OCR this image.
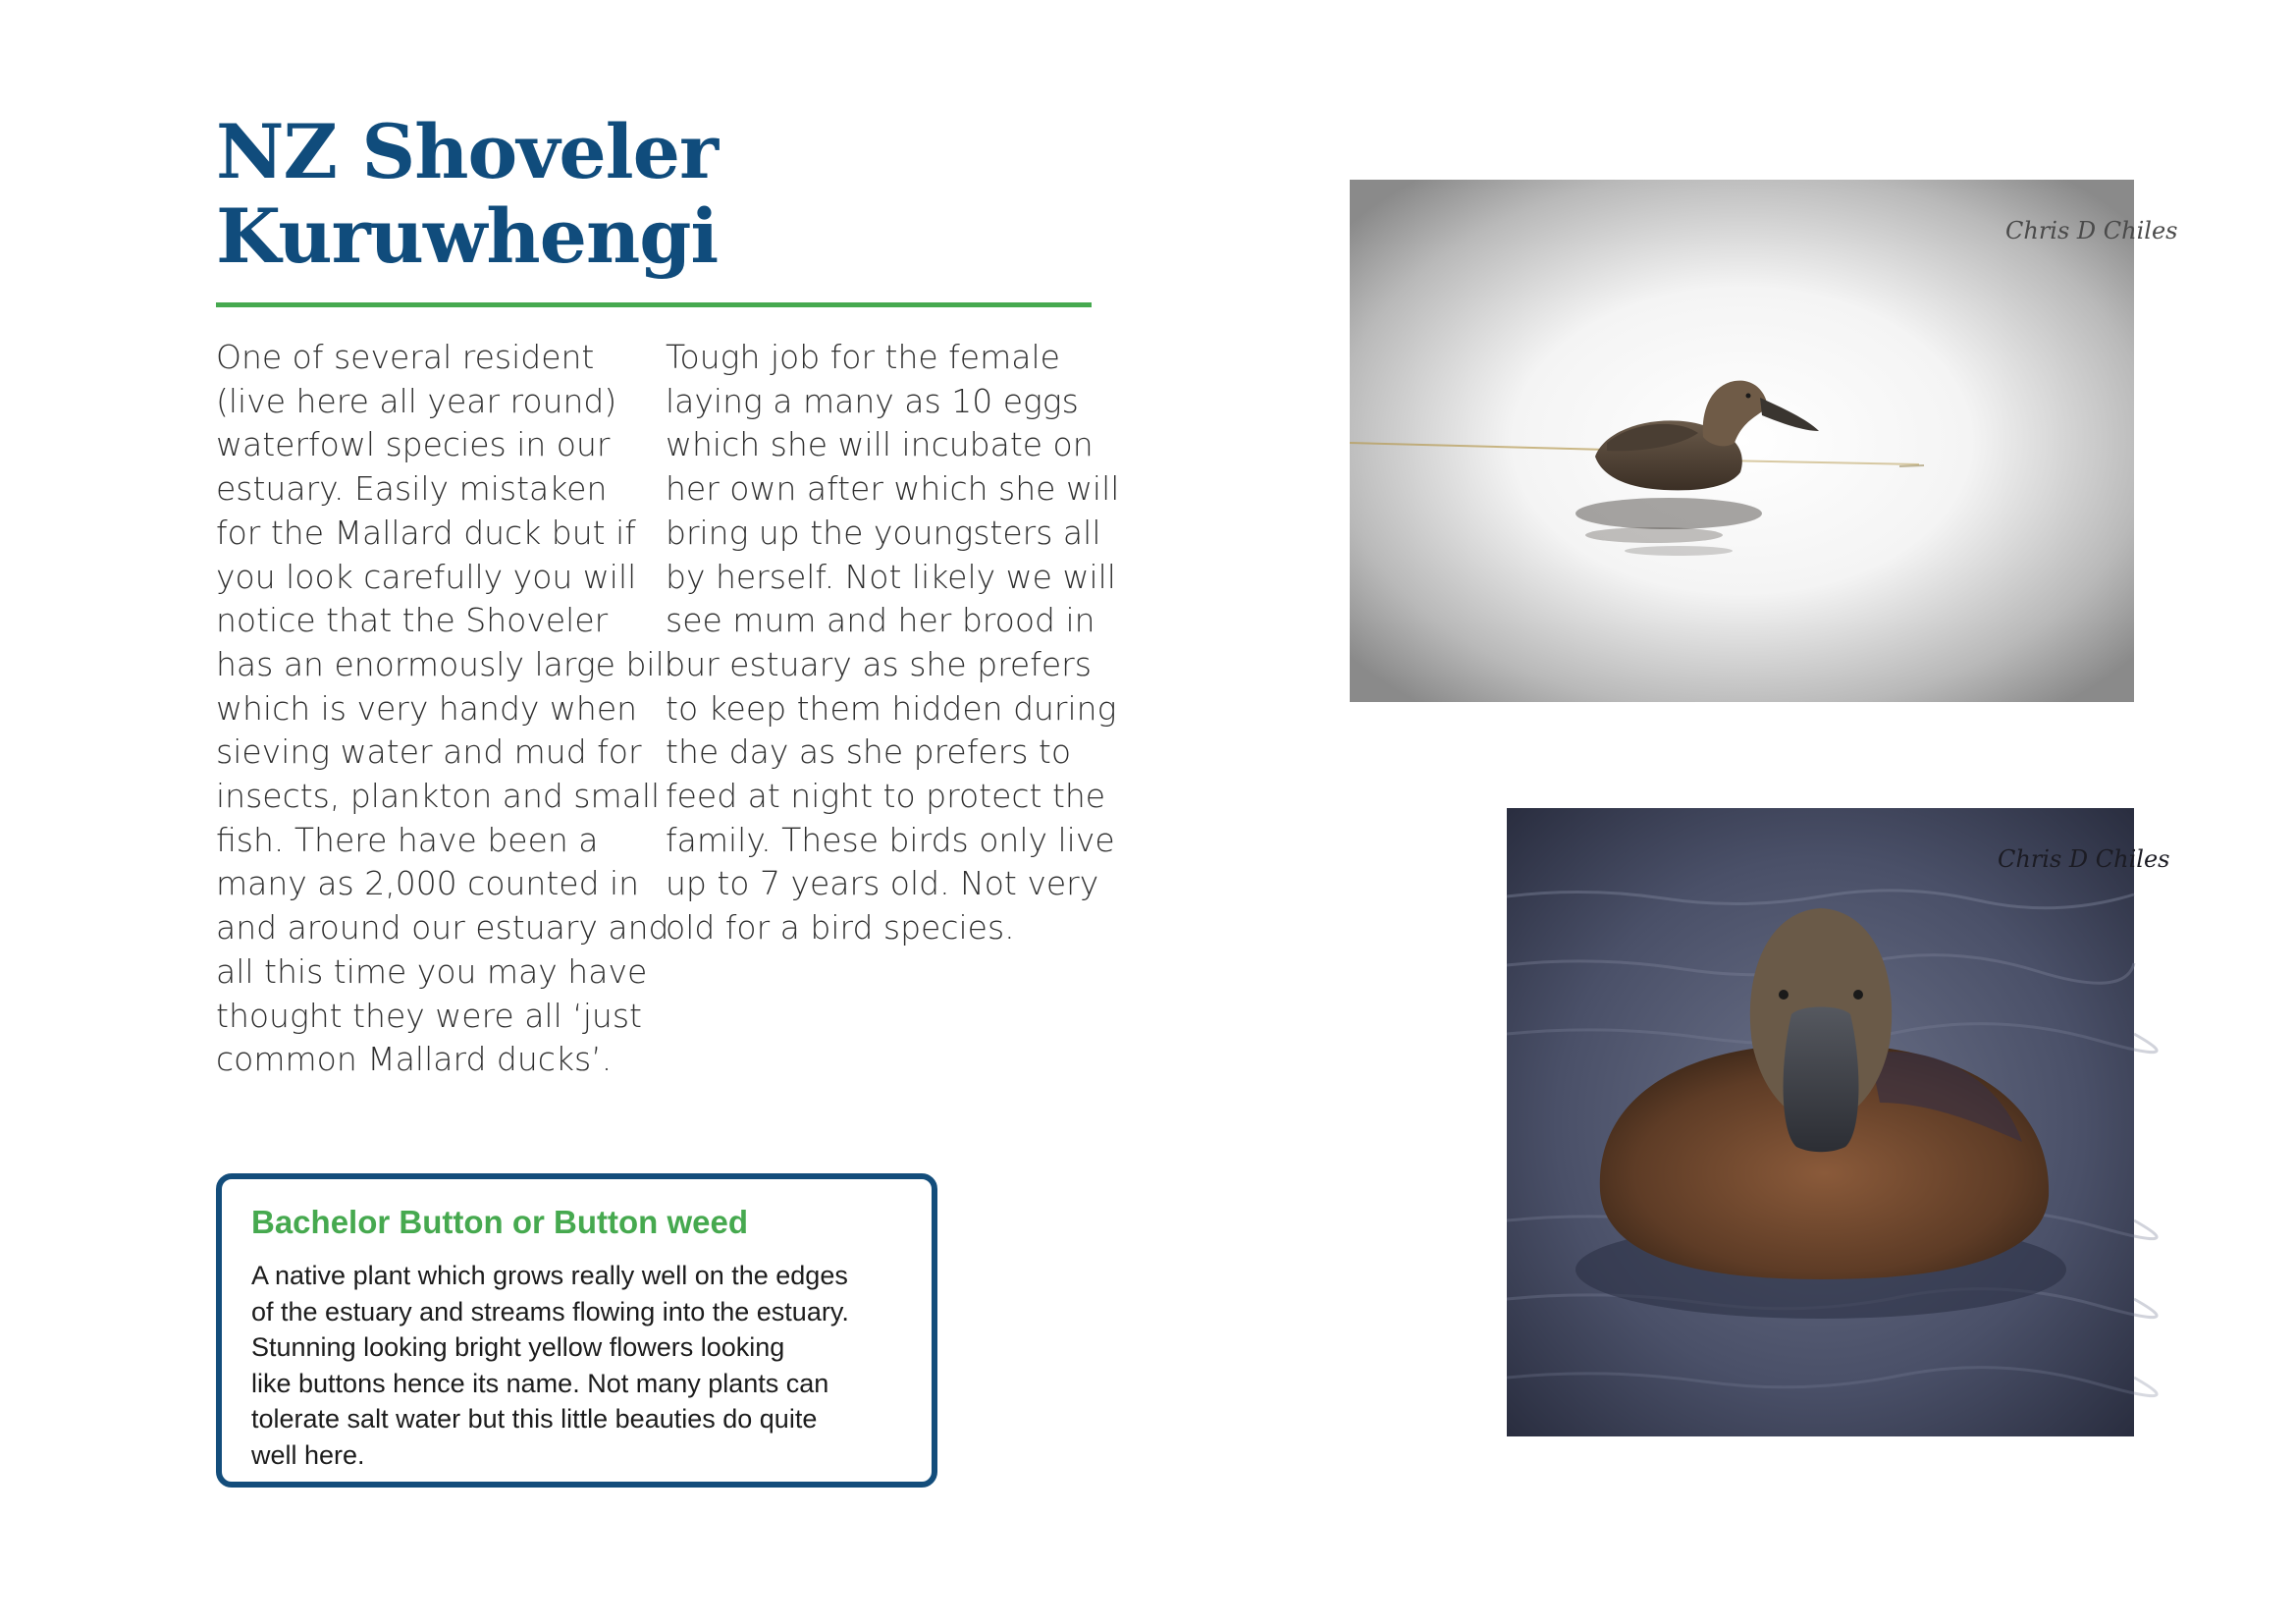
NZ Shoveler
Kuruwhengi

One of several resident
(live here all year round)
waterfowl species in our
estuary. Easily mistaken
for the Mallard duck but if
you look carefully you will
notice that the Shoveler
has an enormously large bill
which is very handy when
sieving water and mud for
insects, plankton and small
fish. There have been a
many as 2,000 counted in
and around our estuary and
all this time you may have
thought they were all ‘just
common Mallard ducks’.

Tough job for the female
laying a many as 10 eggs
which she will incubate on
her own after which she will
bring up the youngsters all
by herself. Not likely we will
see mum and her brood in
our estuary as she prefers
to keep them hidden during
the day as she prefers to
feed at night to protect the
family. These birds only live
up to 7 years old. Not very
old for a bird species.

Bachelor Button or Button weed

A native plant which grows really well on the edges
of the estuary and streams flowing into the estuary.
Stunning looking bright yellow flowers looking
like buttons hence its name. Not many plants can
tolerate salt water but this little beauties do quite
well here.

Chris D Chiles
Chris D Chiles
